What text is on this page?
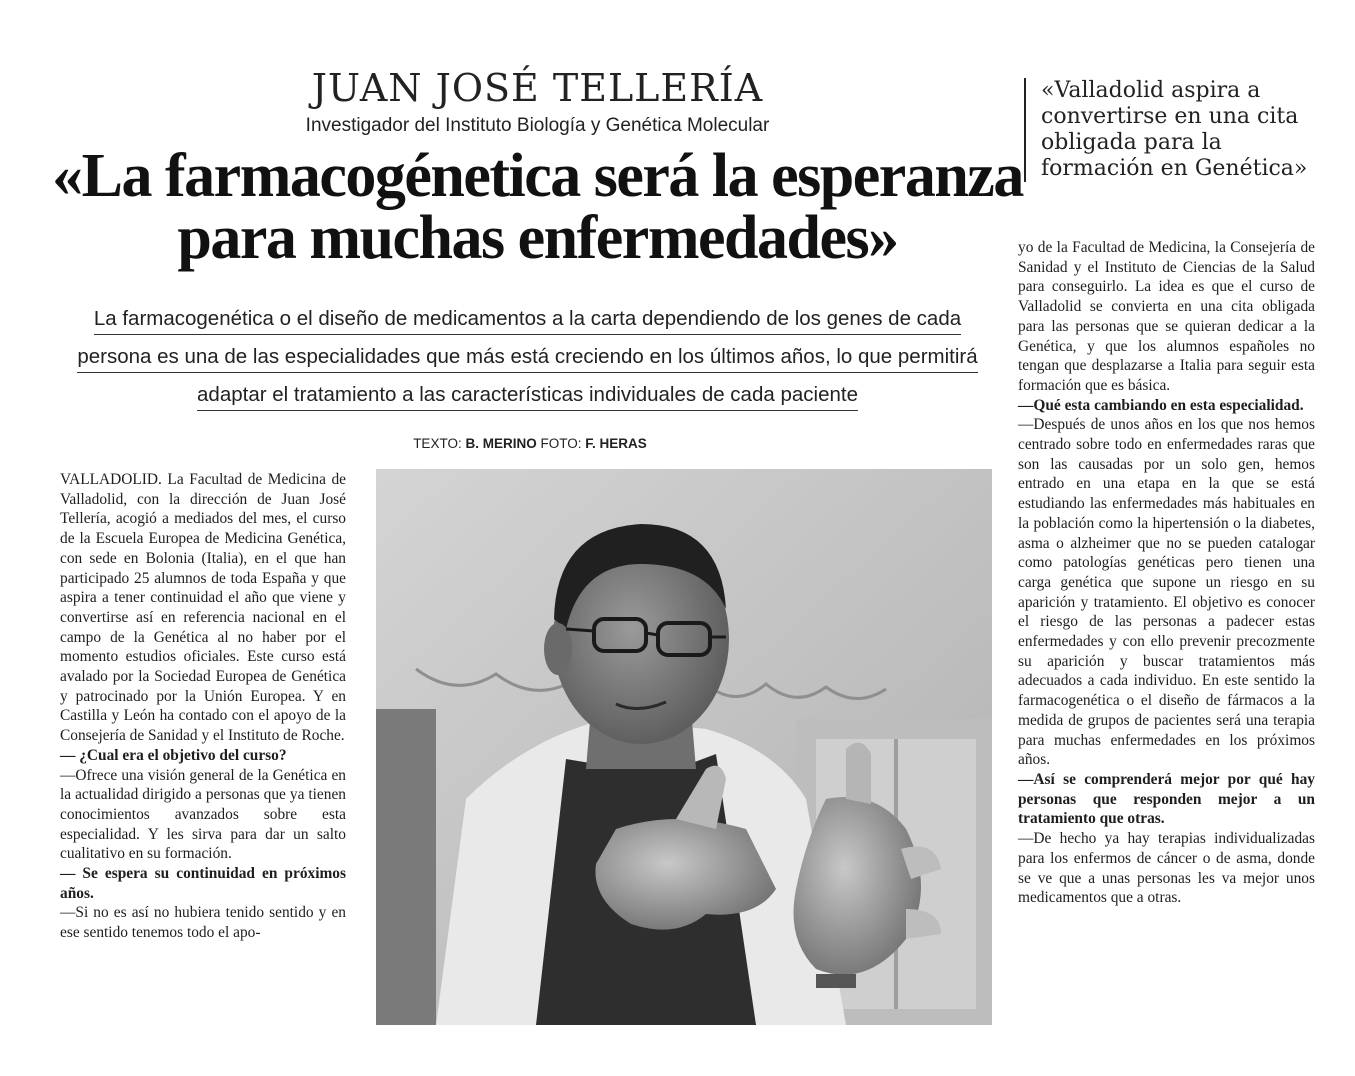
JUAN JOSÉ TELLERÍA
Investigador del Instituto Biología y Genética Molecular
«La farmacogénetica será la esperanza
para muchas enfermedades»
«Valladolid aspira a convertirse en una cita obligada para la formación en Genética»
La farmacogenética o el diseño de medicamentos a la carta dependiendo de los genes de cada
persona es una de las especialidades que más está creciendo en los últimos años, lo que permitirá
adaptar el tratamiento a las características individuales de cada paciente
TEXTO: B. MERINO FOTO: F. HERAS

VALLADOLID. La Facultad de Medicina de Valladolid, con la dirección de Juan José Tellería, acogió a mediados del mes, el curso de la Escuela Europea de Medicina Genética, con sede en Bolonia (Italia), en el que han participado 25 alumnos de toda España y que aspira a tener continuidad el año que viene y convertirse así en referencia nacional en el campo de la Genética al no haber por el momento estudios oficiales. Este curso está avalado por la Sociedad Europea de Genética y patrocinado por la Unión Europea. Y en Castilla y León ha contado con el apoyo de la Consejería de Sanidad y el Instituto de Roche.

— ¿Cual era el objetivo del curso?

—Ofrece una visión general de la Genética en la actualidad dirigido a personas que ya tienen conocimientos avanzados sobre esta especialidad. Y les sirva para dar un salto cualitativo en su formación.

— Se espera su continuidad en próximos años.

—Si no es así no hubiera tenido sentido y en ese sentido tenemos todo el apo-

yo de la Facultad de Medicina, la Consejería de Sanidad y el Instituto de Ciencias de la Salud para conseguirlo. La idea es que el curso de Valladolid se convierta en una cita obligada para las personas que se quieran dedicar a la Genética, y que los alumnos españoles no tengan que desplazarse a Italia para seguir esta formación que es básica.

—Qué esta cambiando en esta especialidad.

—Después de unos años en los que nos hemos centrado sobre todo en enfermedades raras que son las causadas por un solo gen, hemos entrado en una etapa en la que se está estudiando las enfermedades más habituales en la población como la hipertensión o la diabetes, asma o alzheimer que no se pueden catalogar como patologías genéticas pero tienen una carga genética que supone un riesgo en su aparición y tratamiento. El objetivo es conocer el riesgo de las personas a padecer estas enfermedades y con ello prevenir precozmente su aparición y buscar tratamientos más adecuados a cada individuo. En este sentido la farmacogenética o el diseño de fármacos a la medida de grupos de pacientes será una terapia para muchas enfermedades en los próximos años.

—Así se comprenderá mejor por qué hay personas que responden mejor a un tratamiento que otras.

—De hecho ya hay terapias individualizadas para los enfermos de cáncer o de asma, donde se ve que a unas personas les va mejor unos medicamentos que a otras.
